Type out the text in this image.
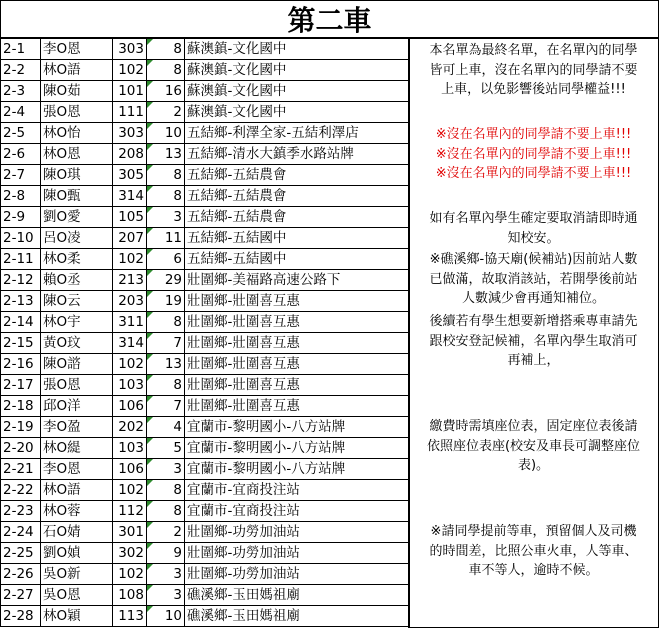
第二車
2-1	李O恩	303	8	蘇澳鎮-文化國中
2-2	林O語	102	8	蘇澳鎮-文化國中
2-3	陳O茹	101	16	蘇澳鎮-文化國中
2-4	張O恩	111	2	蘇澳鎮-文化國中
2-5	林O怡	303	10	五結鄉-利澤全家-五結利澤店
2-6	林O恩	208	13	五結鄉-清水大鎮季水路站牌
2-7	陳O琪	305	8	五結鄉-五結農會
2-8	陳O甄	314	8	五結鄉-五結農會
2-9	劉O愛	105	3	五結鄉-五結農會
2-10	呂O凌	207	11	五結鄉-五結國中
2-11	林O柔	102	6	五結鄉-五結國中
2-12	賴O丞	213	29	壯圍鄉-美福路高速公路下
2-13	陳O云	203	19	壯圍鄉-壯圍喜互惠
2-14	林O宇	311	8	壯圍鄉-壯圍喜互惠
2-15	黃O玟	314	7	壯圍鄉-壯圍喜互惠
2-16	陳O諮	102	13	壯圍鄉-壯圍喜互惠
2-17	張O恩	103	8	壯圍鄉-壯圍喜互惠
2-18	邱O洋	106	7	壯圍鄉-壯圍喜互惠
2-19	李O盈	202	4	宜蘭市-黎明國小-八方站牌
2-20	林O緹	103	5	宜蘭市-黎明國小-八方站牌
2-21	李O恩	106	3	宜蘭市-黎明國小-八方站牌
2-22	林O語	102	8	宜蘭市-宜商投注站
2-23	林O蓉	112	8	宜蘭市-宜商投注站
2-24	石O婧	301	2	壯圍鄉-功勞加油站
2-25	劉O媜	302	9	壯圍鄉-功勞加油站
2-26	吳O新	102	3	壯圍鄉-功勞加油站
2-27	吳O恩	108	3	礁溪鄉-玉田媽祖廟
2-28	林O穎	113	10	礁溪鄉-玉田媽祖廟
本名單為最終名單，在名單內的同學
皆可上車，沒在名單內的同學請不要
上車，以免影響後站同學權益!!!
※沒在名單內的同學請不要上車!!!
※沒在名單內的同學請不要上車!!!
※沒在名單內的同學請不要上車!!!
如有名單內學生確定要取消請即時通
知校安。
※礁溪鄉-協天廟(候補站)因前站人數
已做滿，故取消該站，若開學後前站
人數減少會再通知補位。
後續若有學生想要新增搭乘專車請先
跟校安登記候補，名單內學生取消可
再補上，
繳費時需填座位表，固定座位表後請
依照座位表座(校安及車長可調整座位
表)。
※請同學提前等車，預留個人及司機
的時間差，比照公車火車，人等車、
車不等人，逾時不候。
